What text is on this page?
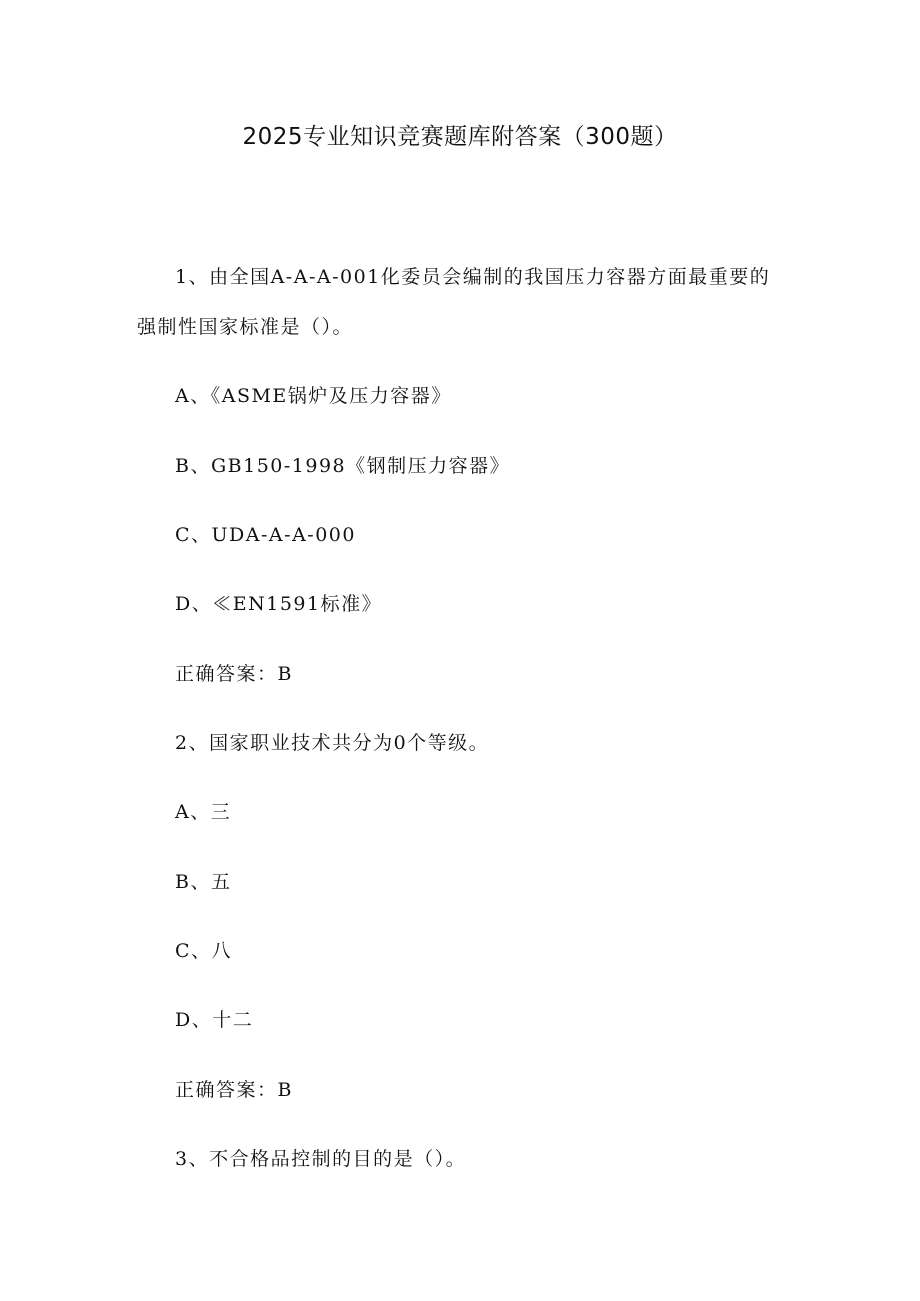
2025专业知识竞赛题库附答案（300题）
1、由全国A-A-A-001化委员会编制的我国压力容器方面最重要的
强制性国家标准是（）。
A、《ASME锅炉及压力容器》
B、GB150-1998《钢制压力容器》
C、UDA-A-A-000
D、≪EN1591标准》
正确答案：B
2、国家职业技术共分为0个等级。
A、三
B、五
C、八
D、十二
正确答案：B
3、不合格品控制的目的是（）。
